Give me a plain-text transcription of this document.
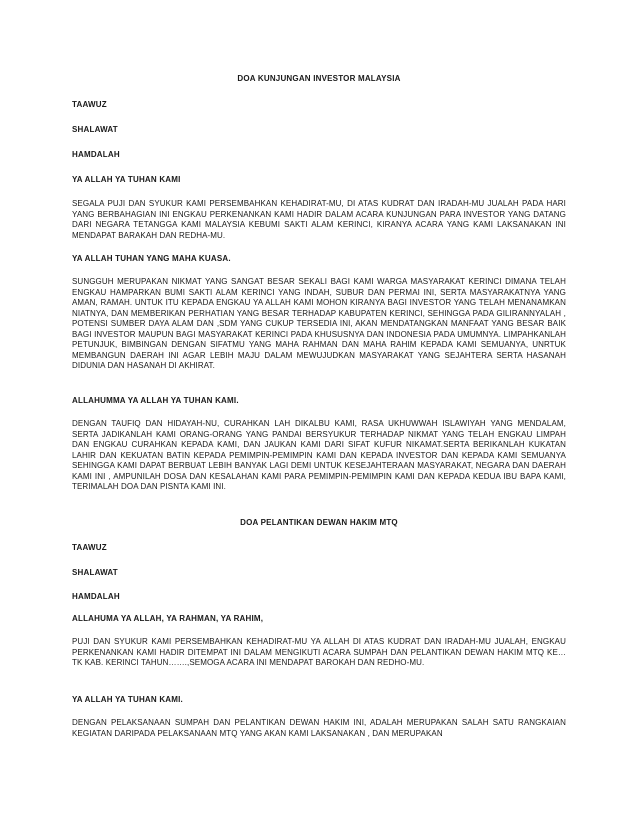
DOA KUNJUNGAN INVESTOR MALAYSIA
TAAWUZ
SHALAWAT
HAMDALAH
YA ALLAH YA TUHAN KAMI
SEGALA PUJI DAN SYUKUR KAMI PERSEMBAHKAN KEHADIRAT-MU, DI ATAS KUDRAT DAN IRADAH-MU JUALAH PADA HARI YANG BERBAHAGIAN INI ENGKAU PERKENANKAN KAMI HADIR DALAM ACARA KUNJUNGAN PARA INVESTOR YANG DATANG DARI NEGARA TETANGGA KAMI MALAYSIA KEBUMI SAKTI ALAM KERINCI, KIRANYA ACARA YANG KAMI LAKSANAKAN INI MENDAPAT BARAKAH DAN REDHA-MU.
YA ALLAH TUHAN YANG MAHA KUASA.
SUNGGUH MERUPAKAN NIKMAT YANG SANGAT BESAR SEKALI BAGI KAMI WARGA MASYARAKAT KERINCI DIMANA TELAH ENGKAU HAMPARKAN BUMI SAKTI ALAM KERINCI YANG INDAH, SUBUR DAN PERMAI INI, SERTA MASYARAKATNYA YANG AMAN, RAMAH. UNTUK ITU KEPADA ENGKAU YA ALLAH KAMI MOHON KIRANYA BAGI INVESTOR YANG TELAH MENANAMKAN NIATNYA, DAN MEMBERIKAN PERHATIAN YANG BESAR TERHADAP KABUPATEN KERINCI, SEHINGGA PADA GILIRANNYALAH , POTENSI SUMBER DAYA ALAM DAN ,SDM YANG CUKUP TERSEDIA INI, AKAN MENDATANGKAN MANFAAT YANG BESAR BAIK BAGI INVESTOR MAUPUN BAGI MASYARAKAT KERINCI PADA KHUSUSNYA DAN INDONESIA PADA UMUMNYA. LIMPAHKANLAH PETUNJUK, BIMBINGAN DENGAN SIFATMU YANG MAHA RAHMAN DAN MAHA RAHIM KEPADA KAMI SEMUANYA, UNRTUK MEMBANGUN DAERAH INI AGAR LEBIH MAJU DALAM MEWUJUDKAN MASYARAKAT YANG SEJAHTERA SERTA HASANAH DIDUNIA DAN HASANAH DI AKHIRAT.
ALLAHUMMA YA ALLAH YA TUHAN KAMI.
DENGAN TAUFIQ DAN HIDAYAH-NU, CURAHKAN LAH DIKALBU KAMI, RASA UKHUWWAH ISLAWIYAH YANG MENDALAM, SERTA JADIKANLAH KAMI ORANG-ORANG YANG PANDAI BERSYUKUR TERHADAP NIKMAT YANG TELAH ENGKAU LIMPAH DAN ENGKAU CURAHKAN KEPADA KAMI, DAN JAUKAN KAMI DARI SIFAT KUFUR NIKAMAT.SERTA BERIKANLAH KUKATAN LAHIR DAN KEKUATAN BATIN KEPADA PEMIMPIN-PEMIMPIN KAMI DAN KEPADA INVESTOR DAN KEPADA KAMI SEMUANYA SEHINGGA KAMI DAPAT BERBUAT LEBIH BANYAK LAGI DEMI UNTUK KESEJAHTERAAN MASYARAKAT, NEGARA DAN DAERAH KAMI INI , AMPUNILAH DOSA DAN KESALAHAN KAMI PARA PEMIMPIN-PEMIMPIN KAMI DAN KEPADA KEDUA IBU BAPA KAMI, TERIMALAH DOA DAN PISNTA KAMI INI.
DOA PELANTIKAN DEWAN HAKIM MTQ
TAAWUZ
SHALAWAT
HAMDALAH
ALLAHUMA YA ALLAH, YA RAHMAN, YA RAHIM,
PUJI DAN SYUKUR KAMI PERSEMBAHKAN KEHADIRAT-MU YA ALLAH DI ATAS KUDRAT DAN IRADAH-MU JUALAH, ENGKAU PERKENANKAN KAMI HADIR DITEMPAT INI DALAM MENGIKUTI ACARA SUMPAH DAN PELANTIKAN DEWAN HAKIM MTQ KE… TK KAB. KERINCI TAHUN…….,SEMOGA ACARA INI MENDAPAT BAROKAH DAN REDHO-MU.
YA ALLAH YA TUHAN KAMI.
DENGAN PELAKSANAAN SUMPAH DAN PELANTIKAN DEWAN HAKIM INI, ADALAH MERUPAKAN SALAH SATU RANGKAIAN KEGIATAN DARIPADA PELAKSANAAN MTQ YANG AKAN KAMI LAKSANAKAN , DAN MERUPAKAN
